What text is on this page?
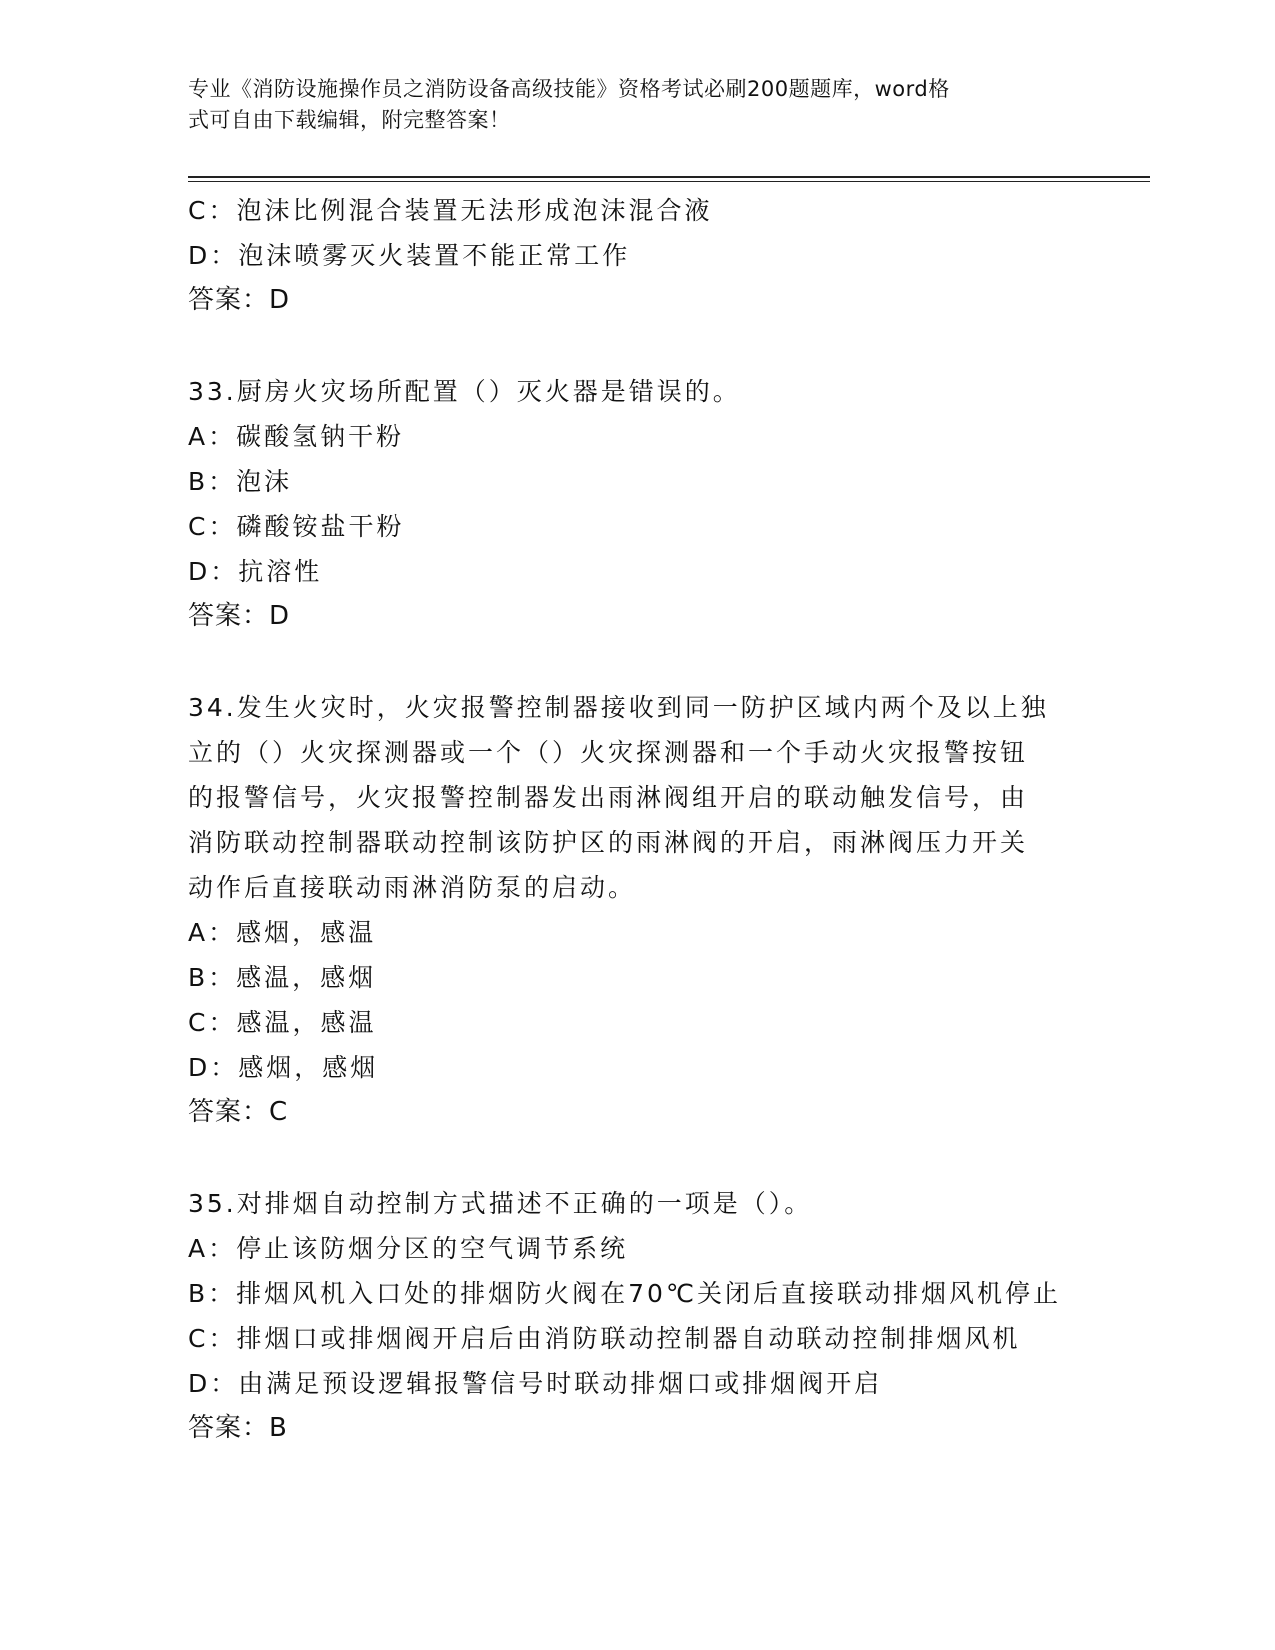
专业《消防设施操作员之消防设备高级技能》资格考试必刷200题题库，word格
式可自由下载编辑，附完整答案！
C：泡沫比例混合装置无法形成泡沫混合液
D：泡沫喷雾灭火装置不能正常工作
答案：D
33.厨房火灾场所配置（）灭火器是错误的。
A：碳酸氢钠干粉
B：泡沫
C：磷酸铵盐干粉
D：抗溶性
答案：D
34.发生火灾时，火灾报警控制器接收到同一防护区域内两个及以上独
立的（）火灾探测器或一个（）火灾探测器和一个手动火灾报警按钮
的报警信号，火灾报警控制器发出雨淋阀组开启的联动触发信号，由
消防联动控制器联动控制该防护区的雨淋阀的开启，雨淋阀压力开关
动作后直接联动雨淋消防泵的启动。
A：感烟，感温
B：感温，感烟
C：感温，感温
D：感烟，感烟
答案：C
35.对排烟自动控制方式描述不正确的一项是（）。
A：停止该防烟分区的空气调节系统
B：排烟风机入口处的排烟防火阀在70℃关闭后直接联动排烟风机停止
C：排烟口或排烟阀开启后由消防联动控制器自动联动控制排烟风机
D：由满足预设逻辑报警信号时联动排烟口或排烟阀开启
答案：B
